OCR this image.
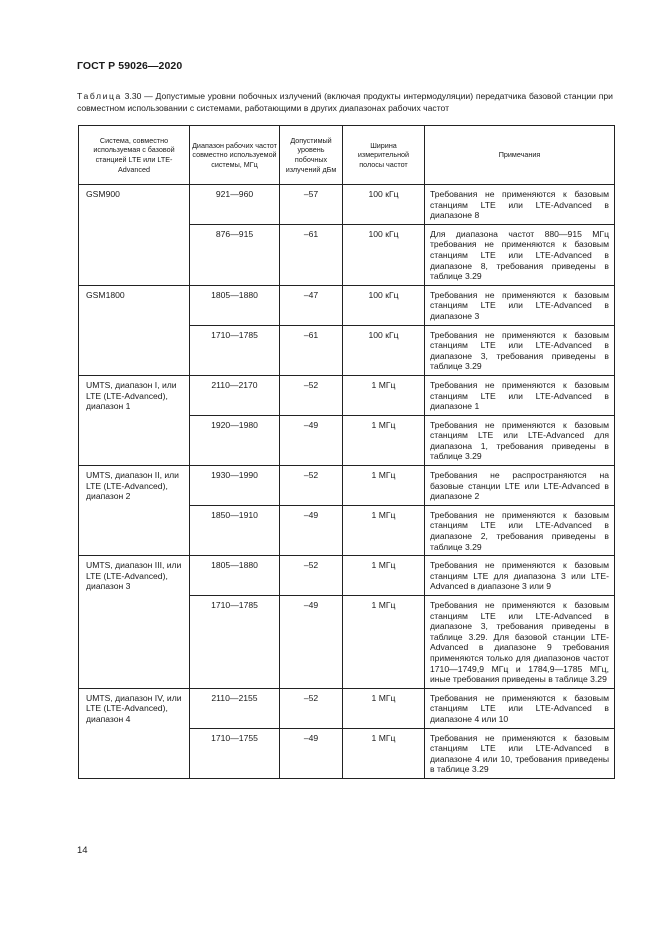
ГОСТ Р 59026—2020
Таблица 3.30 — Допустимые уровни побочных излучений (включая продукты интермодуляции) передатчика базовой станции при совместном использовании с системами, работающими в других диапазонах рабочих частот
Система, совместно используемая с базовой станцией LTE или LTE-Advanced	Диапазон рабочих частот совместно используемой системы, МГц	Допустимый уровень побочных излучений дБм	Ширина измерительной полосы частот	Примечания
GSM900	921—960	–57	100 кГц	Требования не применяются к базовым станциям LTE или LTE-Advanced в диапазоне 8
	876—915	–61	100 кГц	Для диапазона частот 880—915 МГц требования не применяются к базовым станциям LTE или LTE-Advanced в диапазоне 8, требования приведены в таблице 3.29
GSM1800	1805—1880	–47	100 кГц	Требования не применяются к базовым станциям LTE или LTE-Advanced в диапазоне 3
	1710—1785	–61	100 кГц	Требования не применяются к базовым станциям LTE или LTE-Advanced в диапазоне 3, требования приведены в таблице 3.29
UMTS, диапазон I, или LTE (LTE-Advanced), диапазон 1	2110—2170	–52	1 МГц	Требования не применяются к базовым станциям LTE или LTE-Advanced в диапазоне 1
	1920—1980	–49	1 МГц	Требования не применяются к базовым станциям LTE или LTE-Advanced для диапазона 1, требования приведены в таблице 3.29
UMTS, диапазон II, или LTE (LTE-Advanced), диапазон 2	1930—1990	–52	1 МГц	Требования не распространяются на базовые станции LTE или LTE-Advanced в диапазоне 2
	1850—1910	–49	1 МГц	Требования не применяются к базовым станциям LTE или LTE-Advanced в диапазоне 2, требования приведены в таблице 3.29
UMTS, диапазон III, или LTE (LTE-Advanced), диапазон 3	1805—1880	–52	1 МГц	Требования не применяются к базовым станциям LTE для диапазона 3 или LTE-Advanced в диапазоне 3 или 9
	1710—1785	–49	1 МГц	Требования не применяются к базовым станциям LTE или LTE-Advanced в диапазоне 3, требования приведены в таблице 3.29. Для базовой станции LTE-Advanced в диапазоне 9 требования применяются только для диапазонов частот 1710—1749,9 МГц и 1784,9—1785 МГц, иные требования приведены в таблице 3.29
UMTS, диапазон IV, или LTE (LTE-Advanced), диапазон 4	2110—2155	–52	1 МГц	Требования не применяются к базовым станциям LTE или LTE-Advanced в диапазоне 4 или 10
	1710—1755	–49	1 МГц	Требования не применяются к базовым станциям LTE или LTE-Advanced в диапазоне 4 или 10, требования приведены в таблице 3.29
14
